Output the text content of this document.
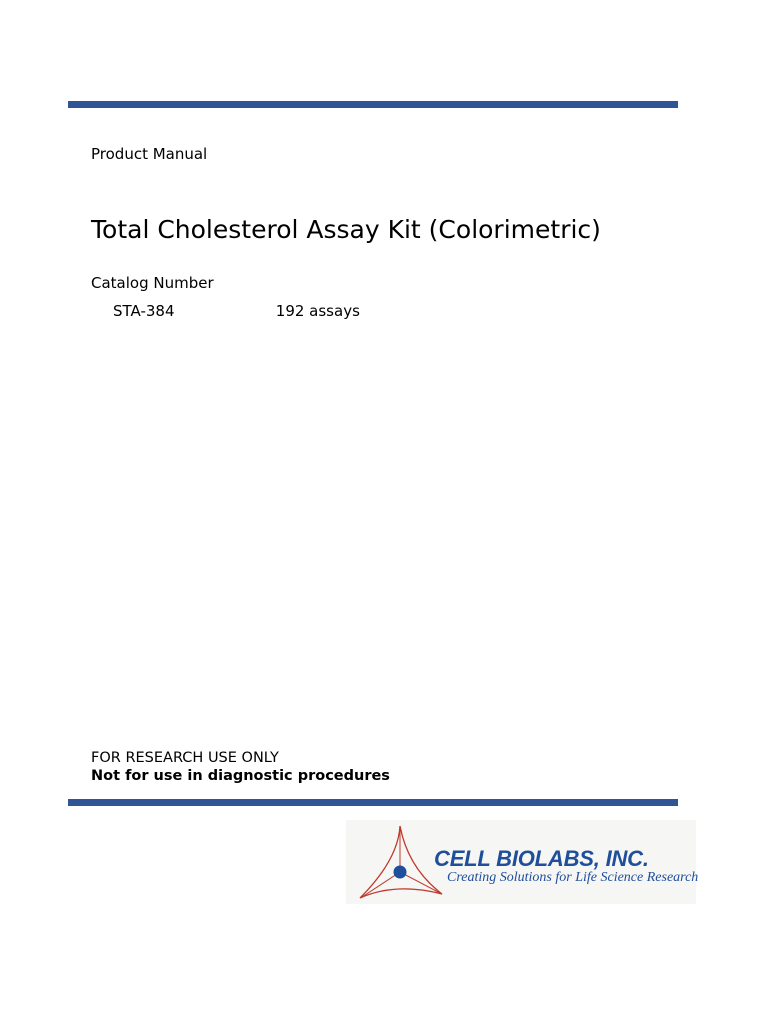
Product Manual
Total Cholesterol Assay Kit (Colorimetric)
Catalog Number
STA-384	192 assays
FOR RESEARCH USE ONLY
Not for use in diagnostic procedures
CELL BIOLABS, INC.
Creating Solutions for Life Science Research
